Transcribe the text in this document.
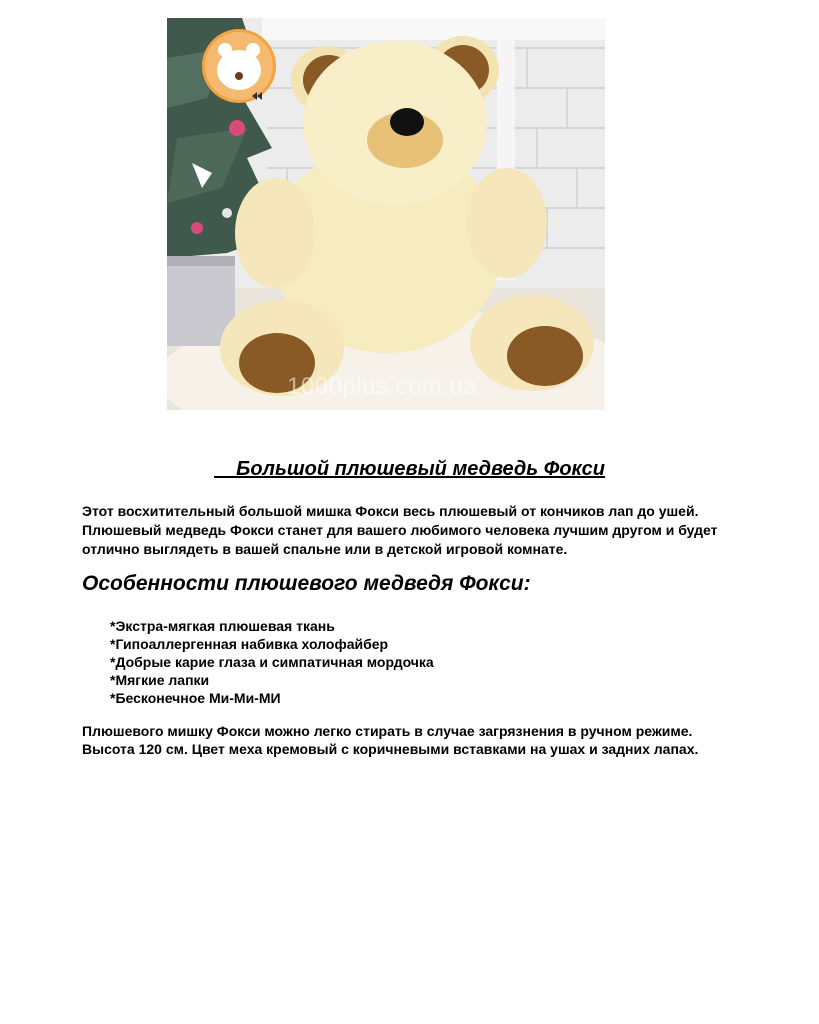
1000plus.com.ua
Большой плюшевый медведь Фокси
Этот восхитительный большой мишка Фокси весь плюшевый от кончиков лап до ушей. Плюшевый медведь Фокси станет для вашего любимого человека лучшим другом и будет отлично выглядеть в вашей спальне или в детской игровой комнате.
Особенности плюшевого медведя Фокси:
*Экстра-мягкая плюшевая ткань
*Гипоаллергенная набивка холофайбер
*Добрые карие глаза и симпатичная мордочка
*Мягкие лапки
*Бесконечное Ми-Ми-МИ

Плюшевого мишку Фокси можно легко стирать в случае загрязнения в ручном режиме.

Высота 120 см. Цвет меха кремовый с коричневыми вставками на ушах и задних лапах.
